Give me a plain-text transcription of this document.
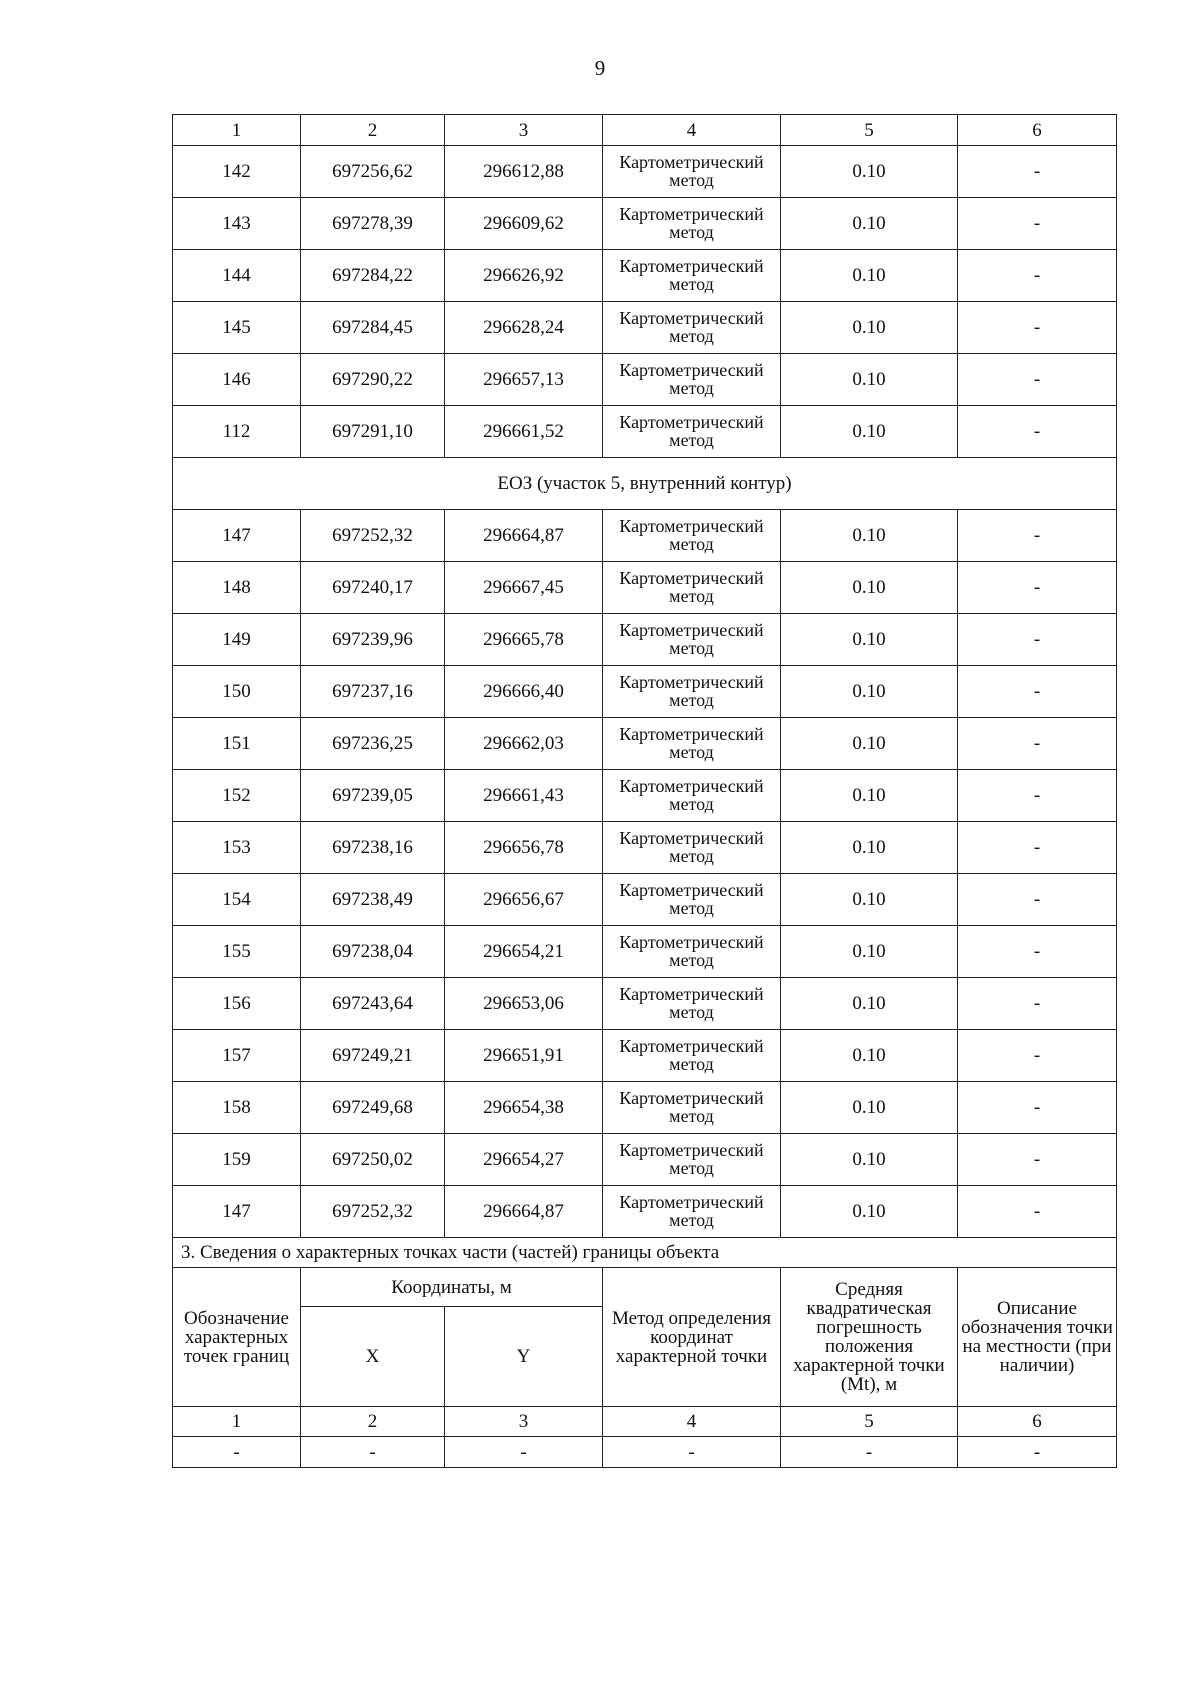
9
1	2	3	4	5	6
142	697256,62	296612,88	Картометрический метод	0.10	-
143	697278,39	296609,62	Картометрический метод	0.10	-
144	697284,22	296626,92	Картометрический метод	0.10	-
145	697284,45	296628,24	Картометрический метод	0.10	-
146	697290,22	296657,13	Картометрический метод	0.10	-
112	697291,10	296661,52	Картометрический метод	0.10	-
ЕОЗ (участок 5, внутренний контур)					
147	697252,32	296664,87	Картометрический метод	0.10	-
148	697240,17	296667,45	Картометрический метод	0.10	-
149	697239,96	296665,78	Картометрический метод	0.10	-
150	697237,16	296666,40	Картометрический метод	0.10	-
151	697236,25	296662,03	Картометрический метод	0.10	-
152	697239,05	296661,43	Картометрический метод	0.10	-
153	697238,16	296656,78	Картометрический метод	0.10	-
154	697238,49	296656,67	Картометрический метод	0.10	-
155	697238,04	296654,21	Картометрический метод	0.10	-
156	697243,64	296653,06	Картометрический метод	0.10	-
157	697249,21	296651,91	Картометрический метод	0.10	-
158	697249,68	296654,38	Картометрический метод	0.10	-
159	697250,02	296654,27	Картометрический метод	0.10	-
147	697252,32	296664,87	Картометрический метод	0.10	-
3. Сведения о характерных точках части (частей) границы объекта					
Обозначение характерных точек границ	Координаты, м		Метод определения координат характерной точки	Средняя квадратическая погрешность положения характерной точки (Mt), м	Описание обозначения точки на местности (при наличии)
	X	Y			
1	2	3	4	5	6
-	-	-	-	-	-
